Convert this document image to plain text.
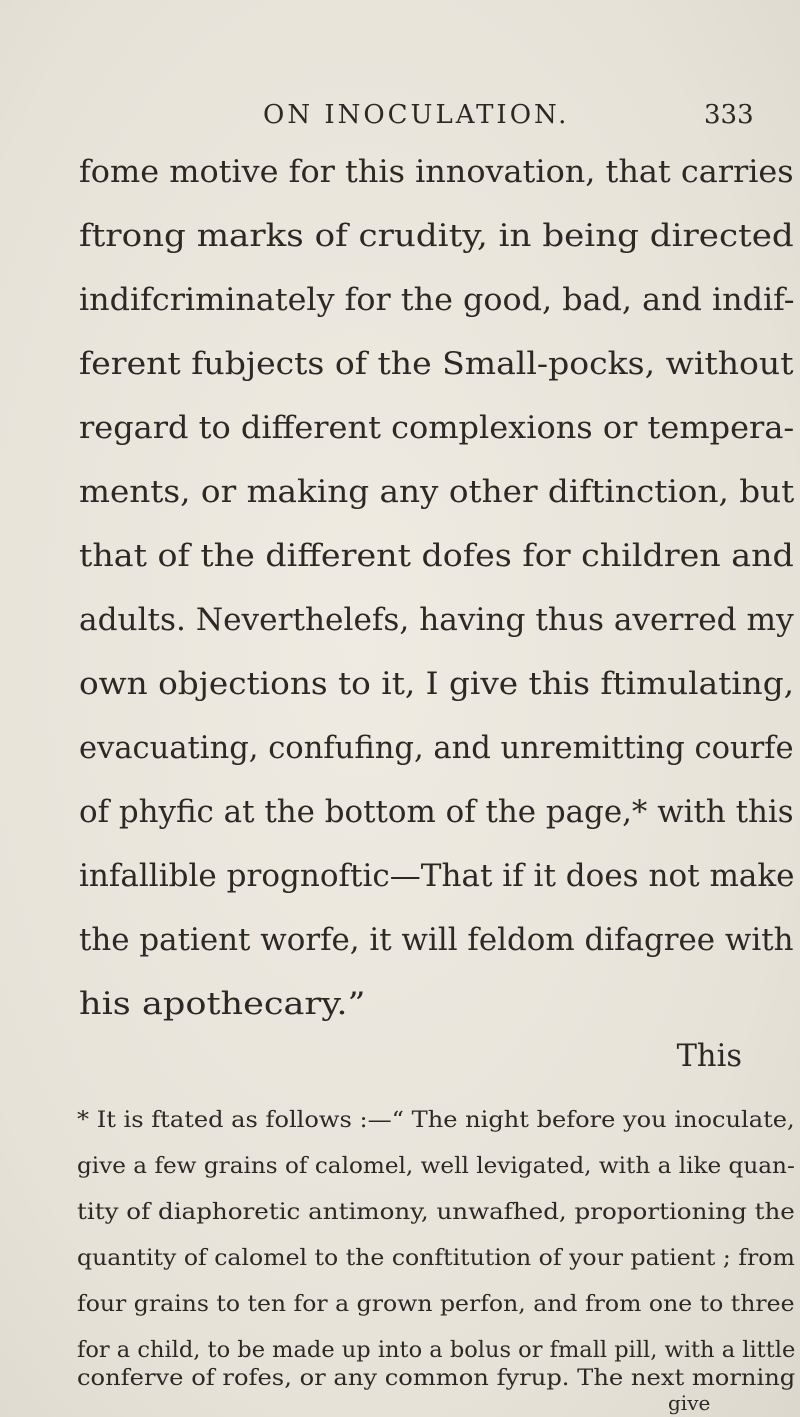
ON INOCULATION.	333
fome motive for this innovation, that carries
ftrong marks of crudity, in being directed
indifcriminately for the good, bad, and indif-
ferent fubjects of the Small-pocks, without
regard to different complexions or tempera-
ments, or making any other diftinction, but
that of the different dofes for children and
adults. Neverthelefs, having thus averred my
own objections to it, I give this ftimulating,
evacuating, confufing, and unremitting courfe
of phyfic at the bottom of the page,* with this
infallible prognoftic—That if it does not make
the patient worfe, it will feldom difagree with
his apothecary.”
This
* It is ftated as follows :—“ The night before you inoculate,
give a few grains of calomel, well levigated, with a like quan-
tity of diaphoretic antimony, unwafhed, proportioning the
quantity of calomel to the conftitution of your patient ; from
four grains to ten for a grown perfon, and from one to three
for a child, to be made up into a bolus or fmall pill, with a little
conferve of rofes, or any common fyrup. The next morning
give
